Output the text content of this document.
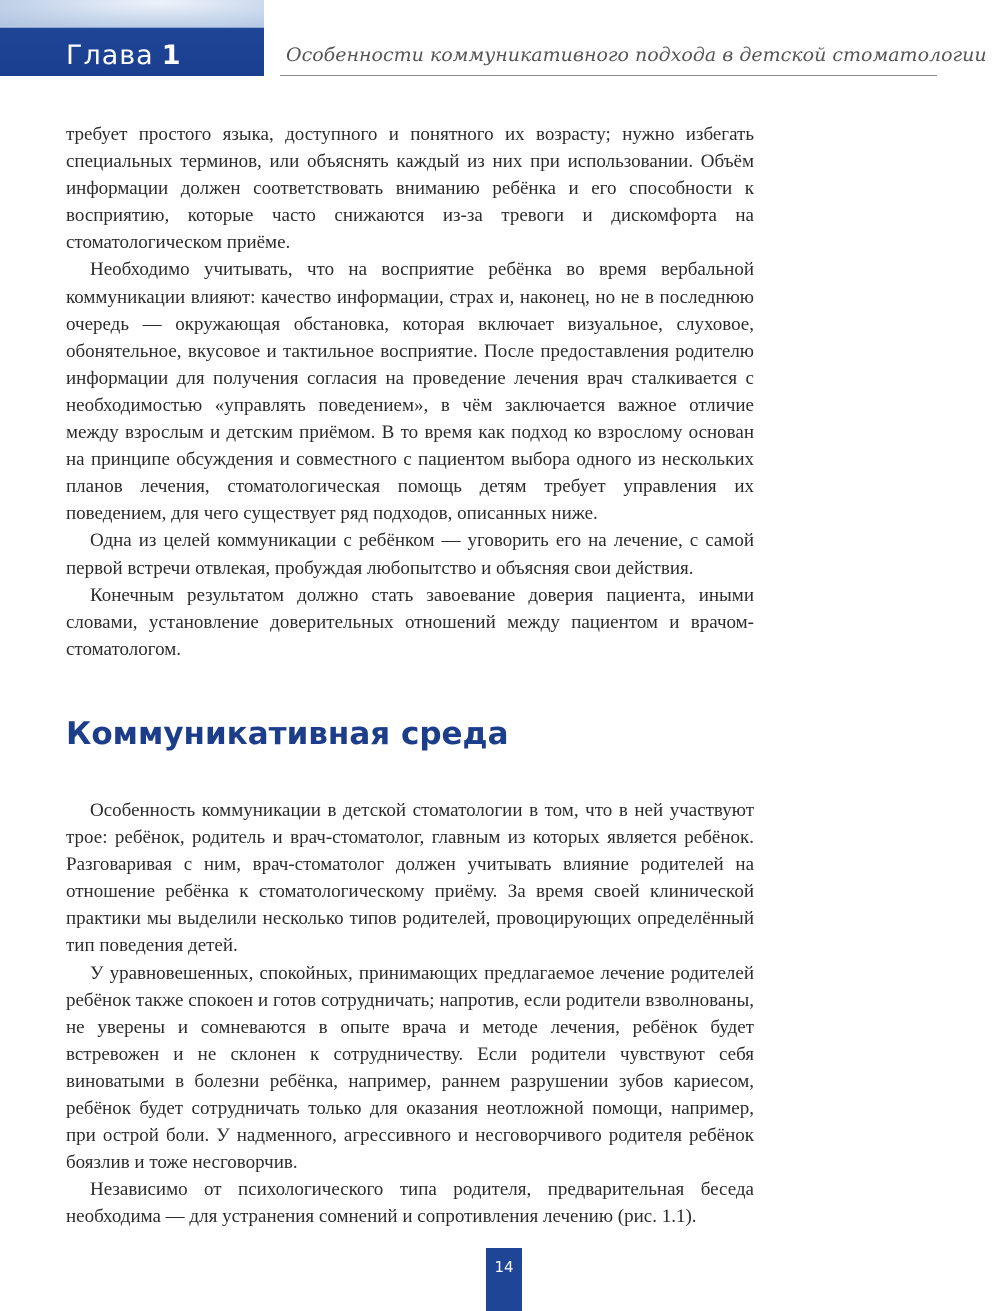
Глава 1	Особенности коммуникативного подхода в детской стоматологии

требует простого языка, доступного и понятного их возрасту; нужно избегать специальных терминов, или объяснять каждый из них при использовании. Объём информации должен соответствовать вниманию ребёнка и его способности к восприятию, которые часто снижаются из-за тревоги и дискомфорта на стоматологическом приёме.

Необходимо учитывать, что на восприятие ребёнка во время вербальной коммуникации влияют: качество информации, страх и, наконец, но не в последнюю очередь — окружающая обстановка, которая включает визуальное, слуховое, обонятельное, вкусовое и тактильное восприятие. После предоставления родителю информации для получения согласия на проведение лечения врач сталкивается с необходимостью «управлять поведением», в чём заключается важное отличие между взрослым и детским приёмом. В то время как подход ко взрослому основан на принципе обсуждения и совместного с пациентом выбора одного из нескольких планов лечения, стоматологическая помощь детям требует управления их поведением, для чего существует ряд подходов, описанных ниже.

Одна из целей коммуникации с ребёнком — уговорить его на лечение, с самой первой встречи отвлекая, пробуждая любопытство и объясняя свои действия.

Конечным результатом должно стать завоевание доверия пациента, иными словами, установление доверительных отношений между пациентом и врачом-стоматологом.

Коммуникативная среда

Особенность коммуникации в детской стоматологии в том, что в ней участвуют трое: ребёнок, родитель и врач-стоматолог, главным из которых является ребёнок. Разговаривая с ним, врач-стоматолог должен учитывать влияние родителей на отношение ребёнка к стоматологическому приёму. За время своей клинической практики мы выделили несколько типов родителей, провоцирующих определённый тип поведения детей.

У уравновешенных, спокойных, принимающих предлагаемое лечение родителей ребёнок также спокоен и готов сотрудничать; напротив, если родители взволнованы, не уверены и сомневаются в опыте врача и методе лечения, ребёнок будет встревожен и не склонен к сотрудничеству. Если родители чувствуют себя виноватыми в болезни ребёнка, например, раннем разрушении зубов кариесом, ребёнок будет сотрудничать только для оказания неотложной помощи, например, при острой боли. У надменного, агрессивного и несговорчивого родителя ребёнок боязлив и тоже несговорчив.

Независимо от психологического типа родителя, предварительная беседа необходима — для устранения сомнений и сопротивления лечению (рис. 1.1).

14
